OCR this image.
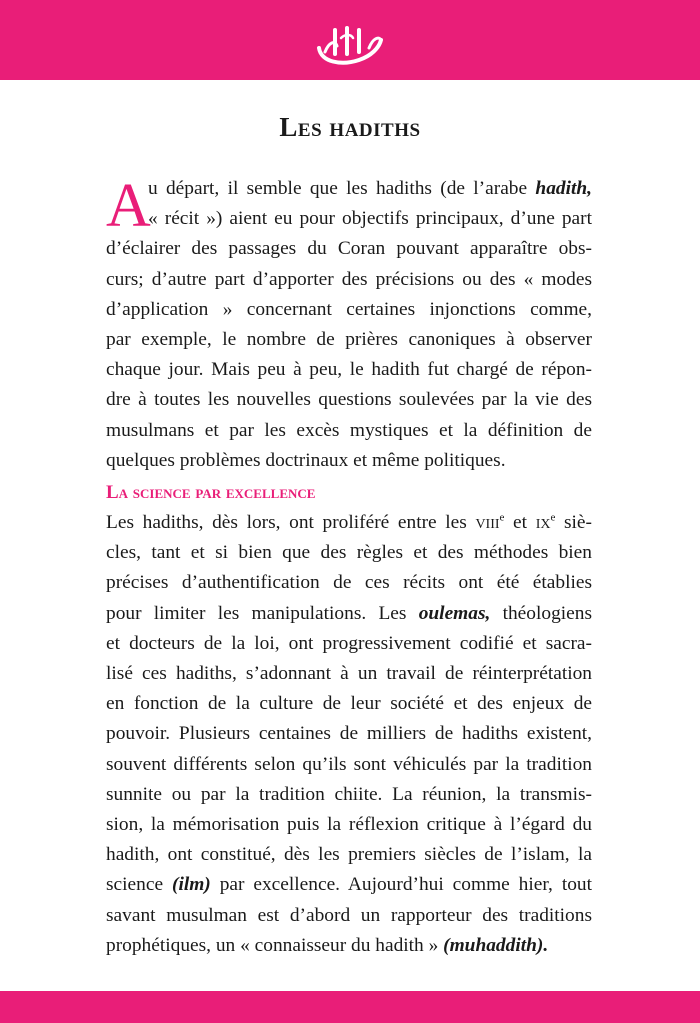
Les hadiths
A
u départ, il semble que les hadiths (de l’arabe hadith,
« récit ») aient eu pour objectifs principaux, d’une part
d’éclairer des passages du Coran pouvant apparaître obs-
curs; d’autre part d’apporter des précisions ou des « modes
d’application » concernant certaines injonctions comme,
par exemple, le nombre de prières canoniques à observer
chaque jour. Mais peu à peu, le hadith fut chargé de répon-
dre à toutes les nouvelles questions soulevées par la vie des
musulmans et par les excès mystiques et la définition de
quelques problèmes doctrinaux et même politiques.
La science par excellence
Les hadiths, dès lors, ont proliféré entre les viii$^e$ et $ix^e$ siè-
cles, tant et si bien que des règles et des méthodes bien
précises d’authentification de ces récits ont été établies
pour limiter les manipulations. Les oulemas, théologiens
et docteurs de la loi, ont progressivement codifié et sacra-
lisé ces hadiths, s’adonnant à un travail de réinterprétation
en fonction de la culture de leur société et des enjeux de
pouvoir. Plusieurs centaines de milliers de hadiths existent,
souvent différents selon qu’ils sont véhiculés par la tradition
sunnite ou par la tradition chiite. La réunion, la transmis-
sion, la mémorisation puis la réflexion critique à l’égard du
hadith, ont constitué, dès les premiers siècles de l’islam, la
science (ilm) par excellence. Aujourd’hui comme hier, tout
savant musulman est d’abord un rapporteur des traditions
prophétiques, un « connaisseur du hadith » (muhaddith).
